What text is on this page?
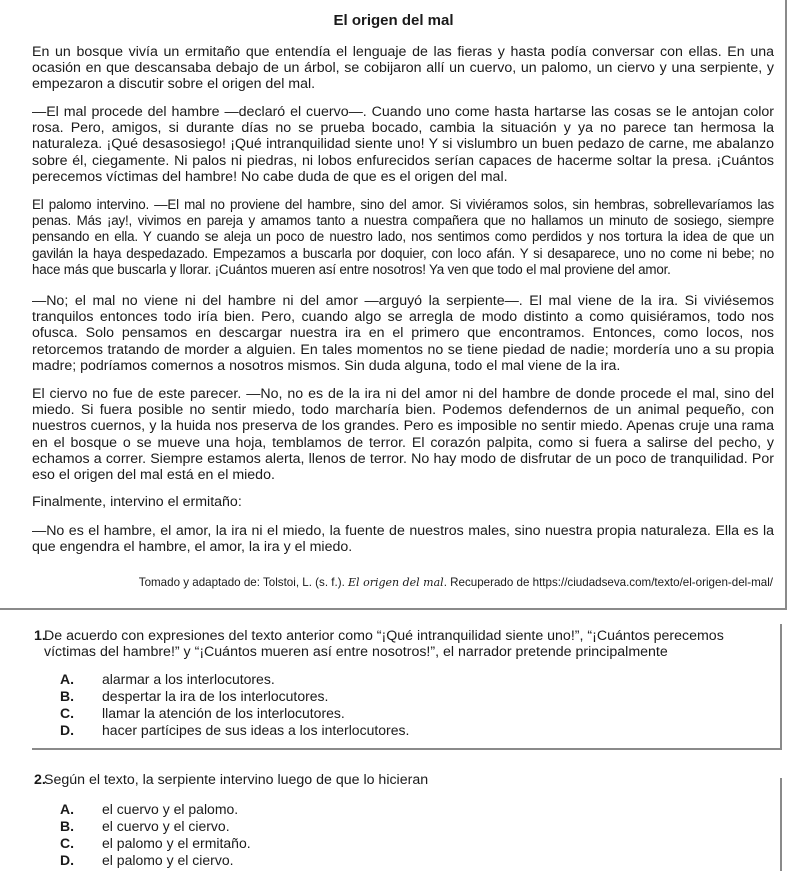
El origen del mal

En un bosque vivía un ermitaño que entendía el lenguaje de las fieras y hasta podía conversar con ellas. En una ocasión en que descansaba debajo de un árbol, se cobijaron allí un cuervo, un palomo, un ciervo y una serpiente, y empezaron a discutir sobre el origen del mal.

—El mal procede del hambre —declaró el cuervo—. Cuando uno come hasta hartarse las cosas se le antojan color rosa. Pero, amigos, si durante días no se prueba bocado, cambia la situación y ya no parece tan hermosa la naturaleza. ¡Qué desasosiego! ¡Qué intranquilidad siente uno! Y si vislumbro un buen pedazo de carne, me abalanzo sobre él, ciegamente. Ni palos ni piedras, ni lobos enfurecidos serían capaces de hacerme soltar la presa. ¡Cuántos perecemos víctimas del hambre! No cabe duda de que es el origen del mal.

El palomo intervino. —El mal no proviene del hambre, sino del amor. Si viviéramos solos, sin hembras, sobrellevaríamos las penas. Más ¡ay!, vivimos en pareja y amamos tanto a nuestra compañera que no hallamos un minuto de sosiego, siempre pensando en ella. Y cuando se aleja un poco de nuestro lado, nos sentimos como perdidos y nos tortura la idea de que un gavilán la haya despedazado. Empezamos a buscarla por doquier, con loco afán. Y si desaparece, uno no come ni bebe; no hace más que buscarla y llorar. ¡Cuántos mueren así entre nosotros! Ya ven que todo el mal proviene del amor.

—No; el mal no viene ni del hambre ni del amor —arguyó la serpiente—. El mal viene de la ira. Si viviésemos tranquilos entonces todo iría bien. Pero, cuando algo se arregla de modo distinto a como quisiéramos, todo nos ofusca. Solo pensamos en descargar nuestra ira en el primero que encontramos. Entonces, como locos, nos retorcemos tratando de morder a alguien. En tales momentos no se tiene piedad de nadie; mordería uno a su propia madre; podríamos comernos a nosotros mismos. Sin duda alguna, todo el mal viene de la ira.

El ciervo no fue de este parecer. —No, no es de la ira ni del amor ni del hambre de donde procede el mal, sino del miedo. Si fuera posible no sentir miedo, todo marcharía bien. Podemos defendernos de un animal pequeño, con nuestros cuernos, y la huida nos preserva de los grandes. Pero es imposible no sentir miedo. Apenas cruje una rama en el bosque o se mueve una hoja, temblamos de terror. El corazón palpita, como si fuera a salirse del pecho, y echamos a correr. Siempre estamos alerta, llenos de terror. No hay modo de disfrutar de un poco de tranquilidad. Por eso el origen del mal está en el miedo.

Finalmente, intervino el ermitaño:

—No es el hambre, el amor, la ira ni el miedo, la fuente de nuestros males, sino nuestra propia naturaleza. Ella es la que engendra el hambre, el amor, la ira y el miedo.

Tomado y adaptado de: Tolstoi, L. (s. f.). El origen del mal. Recuperado de https://ciudadseva.com/texto/el-origen-del-mal/
1.
De acuerdo con expresiones del texto anterior como “¡Qué intranquilidad siente uno!”, “¡Cuántos perecemos víctimas del hambre!” y “¡Cuántos mueren así entre nosotros!”, el narrador pretende principalmente
A. alarmar a los interlocutores.
B. despertar la ira de los interlocutores.
C. llamar la atención de los interlocutores.
D. hacer partícipes de sus ideas a los interlocutores.
2.
Según el texto, la serpiente intervino luego de que lo hicieran
A. el cuervo y el palomo.
B. el cuervo y el ciervo.
C. el palomo y el ermitaño.
D. el palomo y el ciervo.
